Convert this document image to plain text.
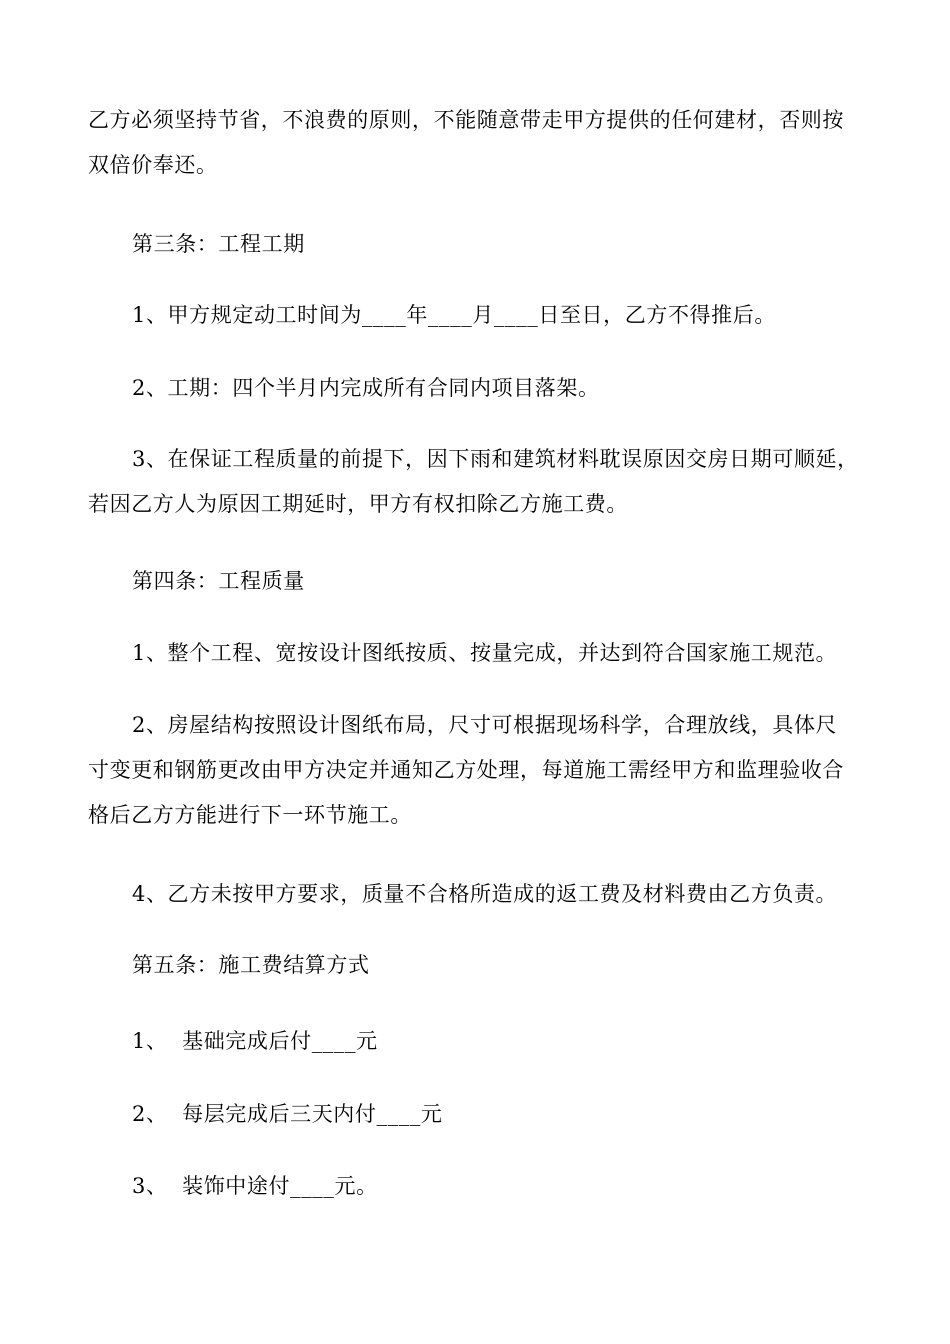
乙方必须坚持节省，不浪费的原则，不能随意带走甲方提供的任何建材，否则按
双倍价奉还。
第三条：工程工期
1、甲方规定动工时间为____年____月____日至日，乙方不得推后。
2、工期：四个半月内完成所有合同内项目落架。
3、在保证工程质量的前提下，因下雨和建筑材料耽误原因交房日期可顺延，
若因乙方人为原因工期延时，甲方有权扣除乙方施工费。
第四条：工程质量
1、整个工程、宽按设计图纸按质、按量完成，并达到符合国家施工规范。
2、房屋结构按照设计图纸布局，尺寸可根据现场科学，合理放线，具体尺
寸变更和钢筋更改由甲方决定并通知乙方处理，每道施工需经甲方和监理验收合
格后乙方方能进行下一环节施工。
4、乙方未按甲方要求，质量不合格所造成的返工费及材料费由乙方负责。
第五条：施工费结算方式
1、  基础完成后付____元
2、  每层完成后三天内付____元
3、  装饰中途付____元。
